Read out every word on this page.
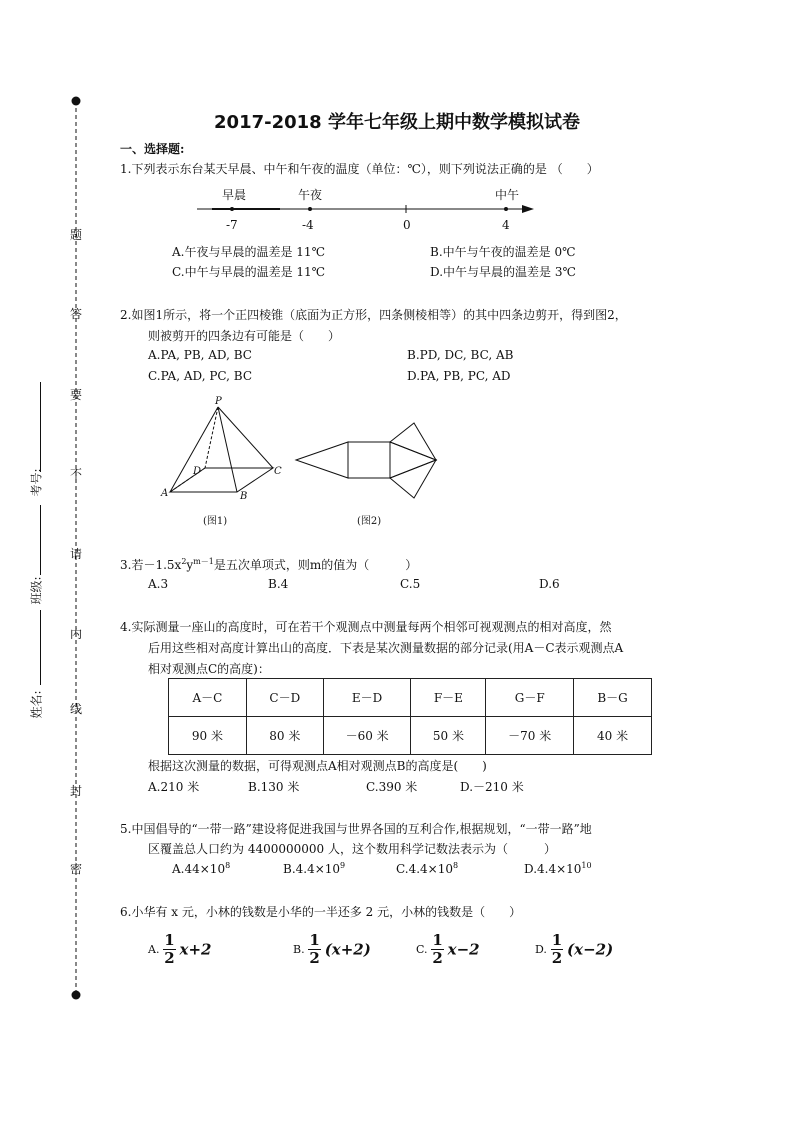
题
答
要
不
请
内
线
封
密
考号:
班级:
姓名:
2017-2018 学年七年级上期中数学模拟试卷
一、选择题:
1.下列表示东台某天早晨、中午和午夜的温度（单位：℃），则下列说法正确的是 （　　）
早晨	午夜	中午
-7	-4	0	4
A.午夜与早晨的温差是 11℃	B.中午与午夜的温差是 0℃
C.中午与早晨的温差是 11℃	D.中午与早晨的温差是 3℃
2.如图1所示，将一个正四棱锥（底面为正方形，四条侧棱相等）的其中四条边剪开，得到图2，
则被剪开的四条边有可能是（　　）
A.PA, PB, AD, BC	B.PD, DC, BC, AB
C.PA, AD, PC, BC	D.PA, PB, PC, AD
P
D	C
A	B
(图1)	(图2)
3.若$-1.5x^2y^{m-1}$是五次单项式，则m的值为（　　　）
A.3	B.4	C.5	D.6
4.实际测量一座山的高度时，可在若干个观测点中测量每两个相邻可视观测点的相对高度，然
后用这些相对高度计算出山的高度．下表是某次测量数据的部分记录(用A－C表示观测点A
相对观测点C的高度)：
A－C	C－D	E－D	F－E	G－F	B－G
90 米	80 米	－60 米	50 米	－70 米	40 米
根据这次测量的数据，可得观测点A相对观测点B的高度是(　　)
A.210 米	B.130 米	C.390 米	D.－210 米
5.中国倡导的“一带一路”建设将促进我国与世界各国的互利合作,根据规划，“一带一路”地
区覆盖总人口约为 4400000000 人，这个数用科学记数法表示为（　　　）
$A.44\times 10^8$	$B.4.4\times 10^9$	$C.4.4\times 10^8$	$D.4.4\times 10^{10}$
6.小华有 x 元，小林的钱数是小华的一半还多 2 元，小林的钱数是（　　）
A. $\frac{1}{2} x+2$	B. $\frac{1}{2} (x+2)$	C. $\frac{1}{2} x-2$	D. $\frac{1}{2} (x-2)$
